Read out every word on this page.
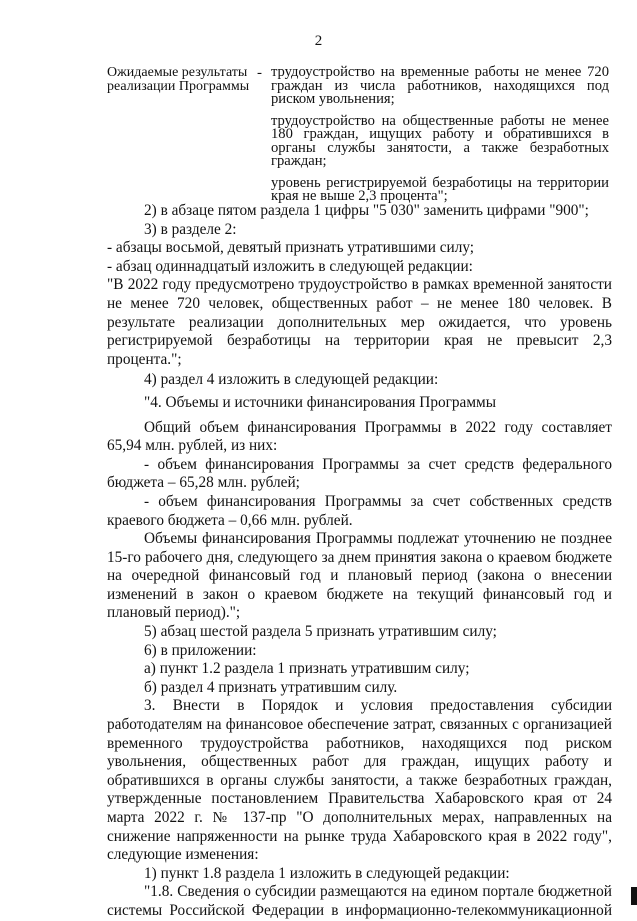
2
Ожидаемые результаты реализации Программы
- трудоустройство на временные работы не менее 720 граждан из числа работников, находящихся под риском увольнения;

трудоустройство на общественные работы не менее 180 граждан, ищущих работу и обратившихся в органы службы занятости, а также безработных граждан;

уровень регистрируемой безработицы на территории края не выше 2,3 процента";

2) в абзаце пятом раздела 1 цифры "5 030" заменить цифрами "900";

3) в разделе 2:

- абзацы восьмой, девятый признать утратившими силу;

- абзац одиннадцатый изложить в следующей редакции:

"В 2022 году предусмотрено трудоустройство в рамках временной занятости не менее 720 человек, общественных работ – не менее 180 человек. В результате реализации дополнительных мер ожидается, что уровень регистрируемой безработицы на территории края не превысит 2,3 процента.";

4) раздел 4 изложить в следующей редакции:

"4. Объемы и источники финансирования Программы

Общий объем финансирования Программы в 2022 году составляет 65,94 млн. рублей, из них:

- объем финансирования Программы за счет средств федерального бюджета – 65,28 млн. рублей;

- объем финансирования Программы за счет собственных средств краевого бюджета – 0,66 млн. рублей.

Объемы финансирования Программы подлежат уточнению не позднее 15-го рабочего дня, следующего за днем принятия закона о краевом бюджете на очередной финансовый год и плановый период (закона о внесении изменений в закон о краевом бюджете на текущий финансовый год и плановый период).";

5) абзац шестой раздела 5 признать утратившим силу;

6) в приложении:

а) пункт 1.2 раздела 1 признать утратившим силу;

б) раздел 4 признать утратившим силу.

3. Внести в Порядок и условия предоставления субсидии работодателям на финансовое обеспечение затрат, связанных с организацией временного трудоустройства работников, находящихся под риском увольнения, общественных работ для граждан, ищущих работу и обратившихся в органы службы занятости, а также безработных граждан, утвержденные постановлением Правительства Хабаровского края от 24 марта 2022 г. № 137-пр "О дополнительных мерах, направленных на снижение напряженности на рынке труда Хабаровского края в 2022 году", следующие изменения:

1) пункт 1.8 раздела 1 изложить в следующей редакции:

"1.8. Сведения о субсидии размещаются на едином портале бюджетной системы Российской Федерации в информационно-телекоммуникационной
